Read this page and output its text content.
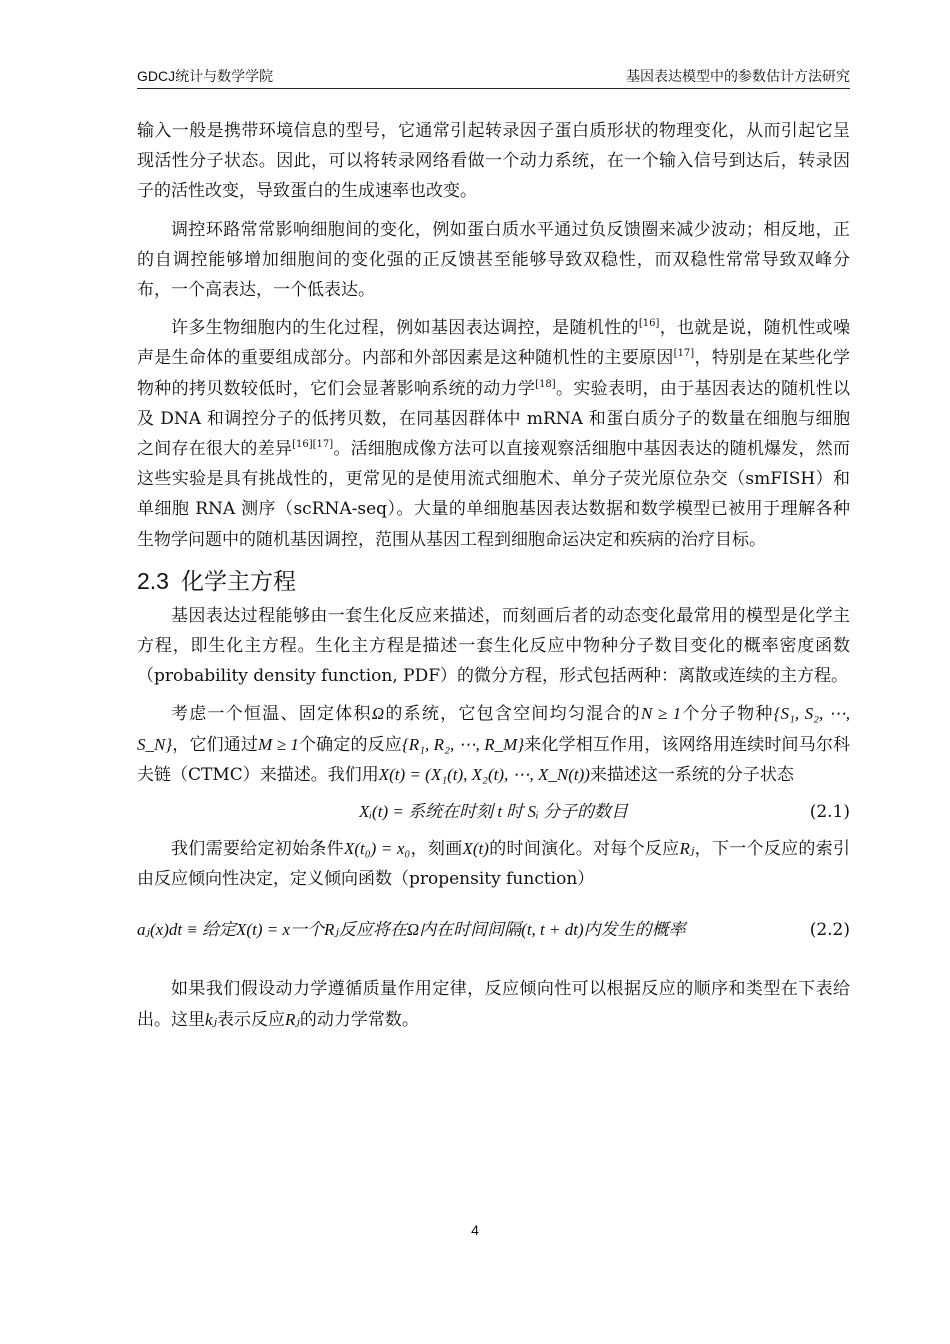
GDCJ统计与数学学院	基因表达模型中的参数估计方法研究

输入一般是携带环境信息的型号，它通常引起转录因子蛋白质形状的物理变化，从而引起它呈现活性分子状态。因此，可以将转录网络看做一个动力系统，在一个输入信号到达后，转录因子的活性改变，导致蛋白的生成速率也改变。

调控环路常常影响细胞间的变化，例如蛋白质水平通过负反馈圈来减少波动；相反地，正的自调控能够增加细胞间的变化强的正反馈甚至能够导致双稳性，而双稳性常常导致双峰分布，一个高表达，一个低表达。

许多生物细胞内的生化过程，例如基因表达调控，是随机性的[16]，也就是说，随机性或噪声是生命体的重要组成部分。内部和外部因素是这种随机性的主要原因[17]，特别是在某些化学物种的拷贝数较低时，它们会显著影响系统的动力学[18]。实验表明，由于基因表达的随机性以及 DNA 和调控分子的低拷贝数，在同基因群体中 mRNA 和蛋白质分子的数量在细胞与细胞之间存在很大的差异[16][17]。活细胞成像方法可以直接观察活细胞中基因表达的随机爆发，然而这些实验是具有挑战性的，更常见的是使用流式细胞术、单分子荧光原位杂交（smFISH）和单细胞 RNA 测序（scRNA-seq）。大量的单细胞基因表达数据和数学模型已被用于理解各种生物学问题中的随机基因调控，范围从基因工程到细胞命运决定和疾病的治疗目标。

2.3 化学主方程

基因表达过程能够由一套生化反应来描述，而刻画后者的动态变化最常用的模型是化学主方程，即生化主方程。生化主方程是描述一套生化反应中物种分子数目变化的概率密度函数（probability density function, PDF）的微分方程，形式包括两种：离散或连续的主方程。

考虑一个恒温、固定体积Ω的系统，它包含空间均匀混合的N ≥ 1个分子物种{S₁, S₂, ⋯, S_N}，它们通过M ≥ 1个确定的反应{R₁, R₂, ⋯, R_M}来化学相互作用，该网络用连续时间马尔科夫链（CTMC）来描述。我们用X(t) = (X₁(t), X₂(t), ⋯, X_N(t))来描述这一系统的分子状态

Xᵢ(t) = 系统在时刻 t 时 Sᵢ 分子的数目	(2.1)

我们需要给定初始条件X(t₀) = x₀，刻画X(t)的时间演化。对每个反应Rⱼ，下一个反应的索引由反应倾向性决定，定义倾向函数（propensity function）

aⱼ(x)dt ≡ 给定X(t) = x一个Rⱼ反应将在Ω内在时间间隔(t, t + dt)内发生的概率	(2.2)

如果我们假设动力学遵循质量作用定律，反应倾向性可以根据反应的顺序和类型在下表给出。这里kⱼ表示反应Rⱼ的动力学常数。

4
